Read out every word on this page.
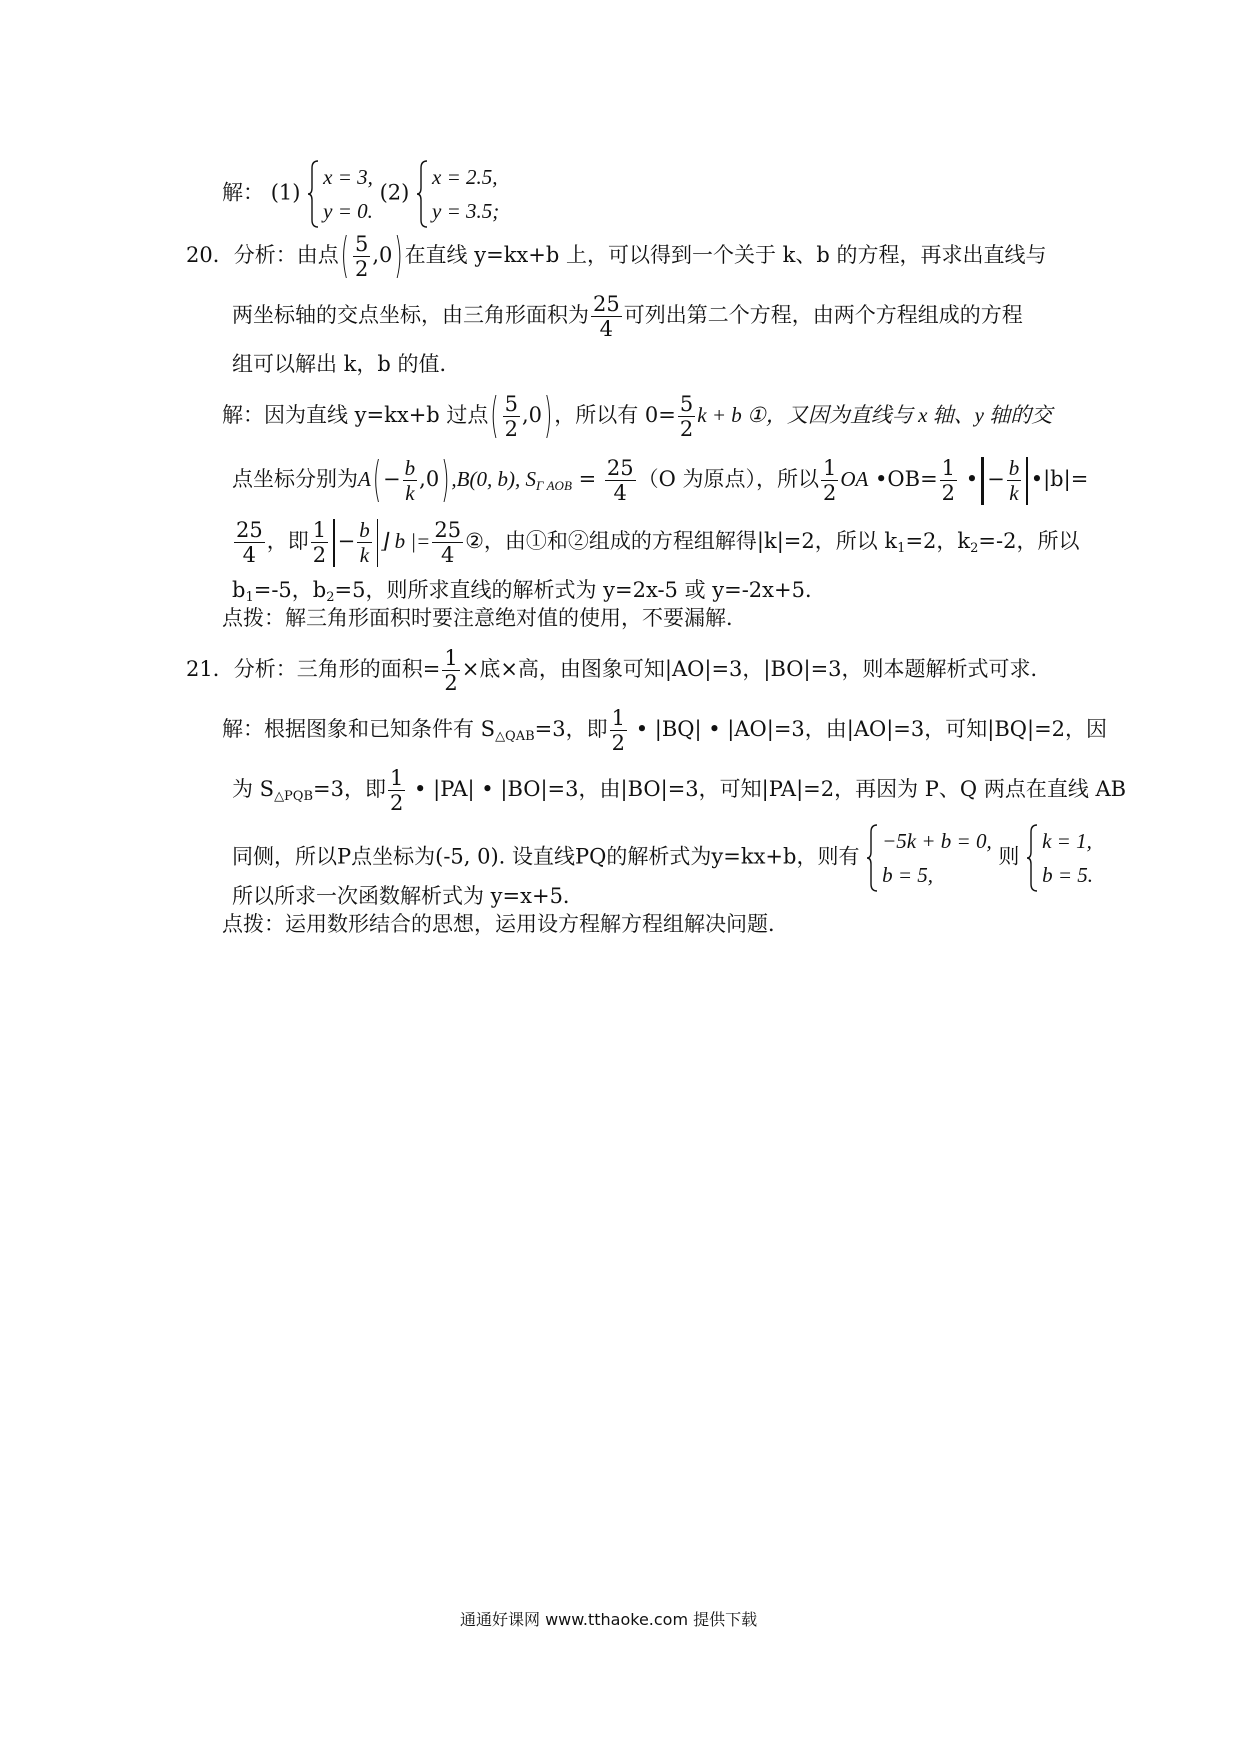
解： (1)
x = 3,
y = 0.
(2)
x = 2.5,
y = 3.5;
20．分析：由点( $\frac{5}{2} ,0$)在直线 y=kx+b 上，可以得到一个关于 k、b 的方程，再求出直线与
两坐标轴的交点坐标，由三角形面积为 $\frac{25}{4}$ 可列出第二个方程，由两个方程组成的方程
组可以解出 k，b 的值．
解：因为直线 y=kx+b 过点( $\frac{5}{2} ,0$)，所以有 $0= \frac{5}{2}$ k + b ①，又因为直线与 x 轴、y 轴的交
点坐标分别为$A(- \frac{b}{k} ,0),B(0$, b), $S_{\Gamma AOB} = \frac{25}{4} (O$ 为原点），所以 $\frac{1}{2}$ OA •OB= $\frac{1}{2}$ • − $\frac{b}{k}$ •|b|=
$\frac{25}{4}$ ，即 $\frac{1}{2} - \frac{b}{k}$ ⌋ b |= $\frac{25}{4}$ ②，由①和②组成的方程组解得|k|=2，所以 $k_1=2$，$k_2=-2$，所以
$b_1=-5$，$b_2=5$，则所求直线的解析式为 y=2x-5 或 y=-2x+5．
点拨：解三角形面积时要注意绝对值的使用，不要漏解．
21．分析：三角形的面积= $\frac{1}{2}$ ×底×高，由图象可知|AO|=3，|BO|=3，则本题解析式可求．
解：根据图象和已知条件有 $S_{\triangle QAB}=3$，即 $\frac{1}{2}$ • |BQ| • |AO|=3，由|AO|=3，可知|BQ|=2，因
为 $S_{\triangle PQB}=3$，即 $\frac{1}{2}$ • |PA| • |BO|=3，由|BO|=3，可知|PA|=2，再因为 P、Q 两点在直线 AB
同侧，所以P点坐标为(-5, 0). 设直线PQ的解析式为y=kx+b，则有
−5k + b = 0,
b = 5,
则
k = 1,
b = 5.
所以所求一次函数解析式为 y=x+5．
点拨：运用数形结合的思想，运用设方程解方程组解决问题．
通通好课网 www.tthaoke.com 提供下载
